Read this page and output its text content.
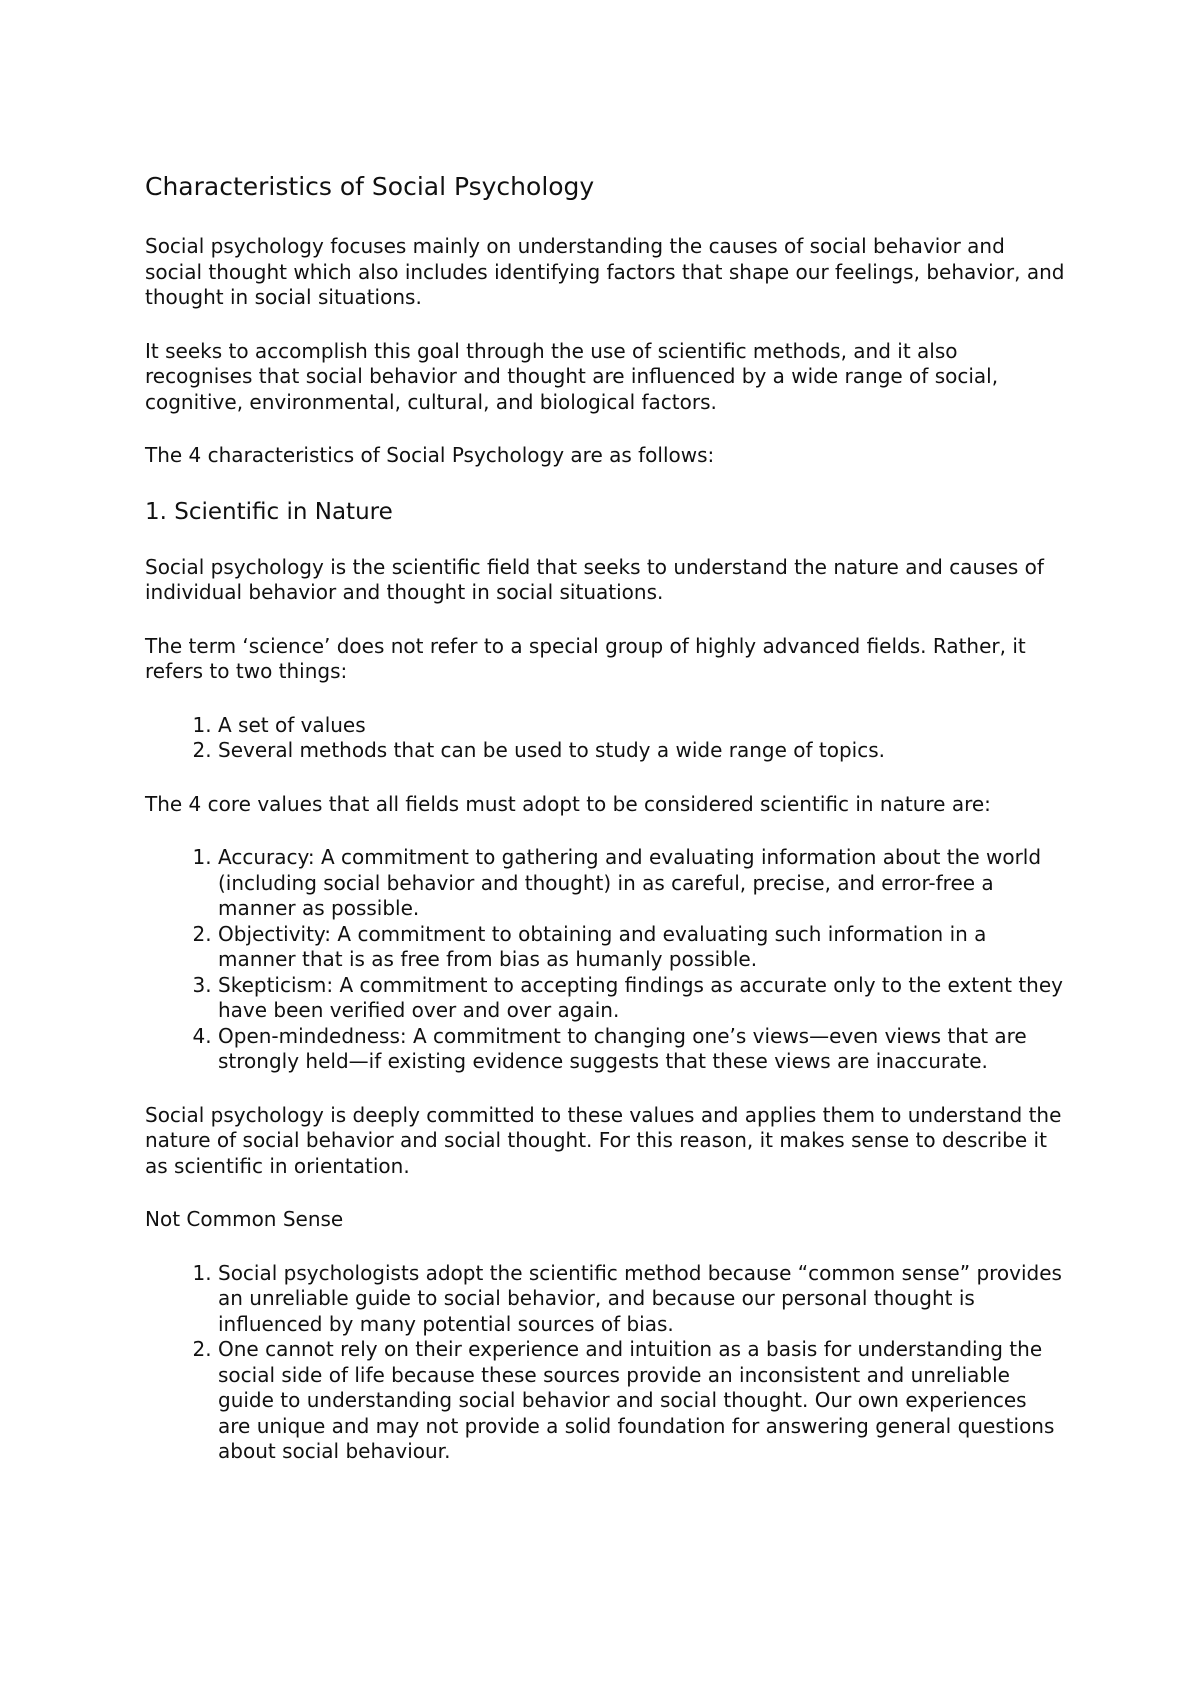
Characteristics of Social Psychology

Social psychology focuses mainly on understanding the causes of social behavior and social thought which also includes identifying factors that shape our feelings, behavior, and thought in social situations.

It seeks to accomplish this goal through the use of scientific methods, and it also recognises that social behavior and thought are influenced by a wide range of social, cognitive, environmental, cultural, and biological factors.

The 4 characteristics of Social Psychology are as follows:

1. Scientific in Nature

Social psychology is the scientific field that seeks to understand the nature and causes of individual behavior and thought in social situations.

The term ‘science’ does not refer to a special group of highly advanced fields. Rather, it refers to two things:

1. A set of values
2. Several methods that can be used to study a wide range of topics.

The 4 core values that all fields must adopt to be considered scientific in nature are:

1. Accuracy: A commitment to gathering and evaluating information about the world (including social behavior and thought) in as careful, precise, and error-free a manner as possible.
2. Objectivity: A commitment to obtaining and evaluating such information in a manner that is as free from bias as humanly possible.
3. Skepticism: A commitment to accepting findings as accurate only to the extent they have been verified over and over again.
4. Open-mindedness: A commitment to changing one’s views—even views that are strongly held—if existing evidence suggests that these views are inaccurate.

Social psychology is deeply committed to these values and applies them to understand the nature of social behavior and social thought. For this reason, it makes sense to describe it as scientific in orientation.

Not Common Sense

1. Social psychologists adopt the scientific method because “common sense” provides an unreliable guide to social behavior, and because our personal thought is influenced by many potential sources of bias.
2. One cannot rely on their experience and intuition as a basis for understanding the social side of life because these sources provide an inconsistent and unreliable guide to understanding social behavior and social thought. Our own experiences are unique and may not provide a solid foundation for answering general questions about social behaviour.
